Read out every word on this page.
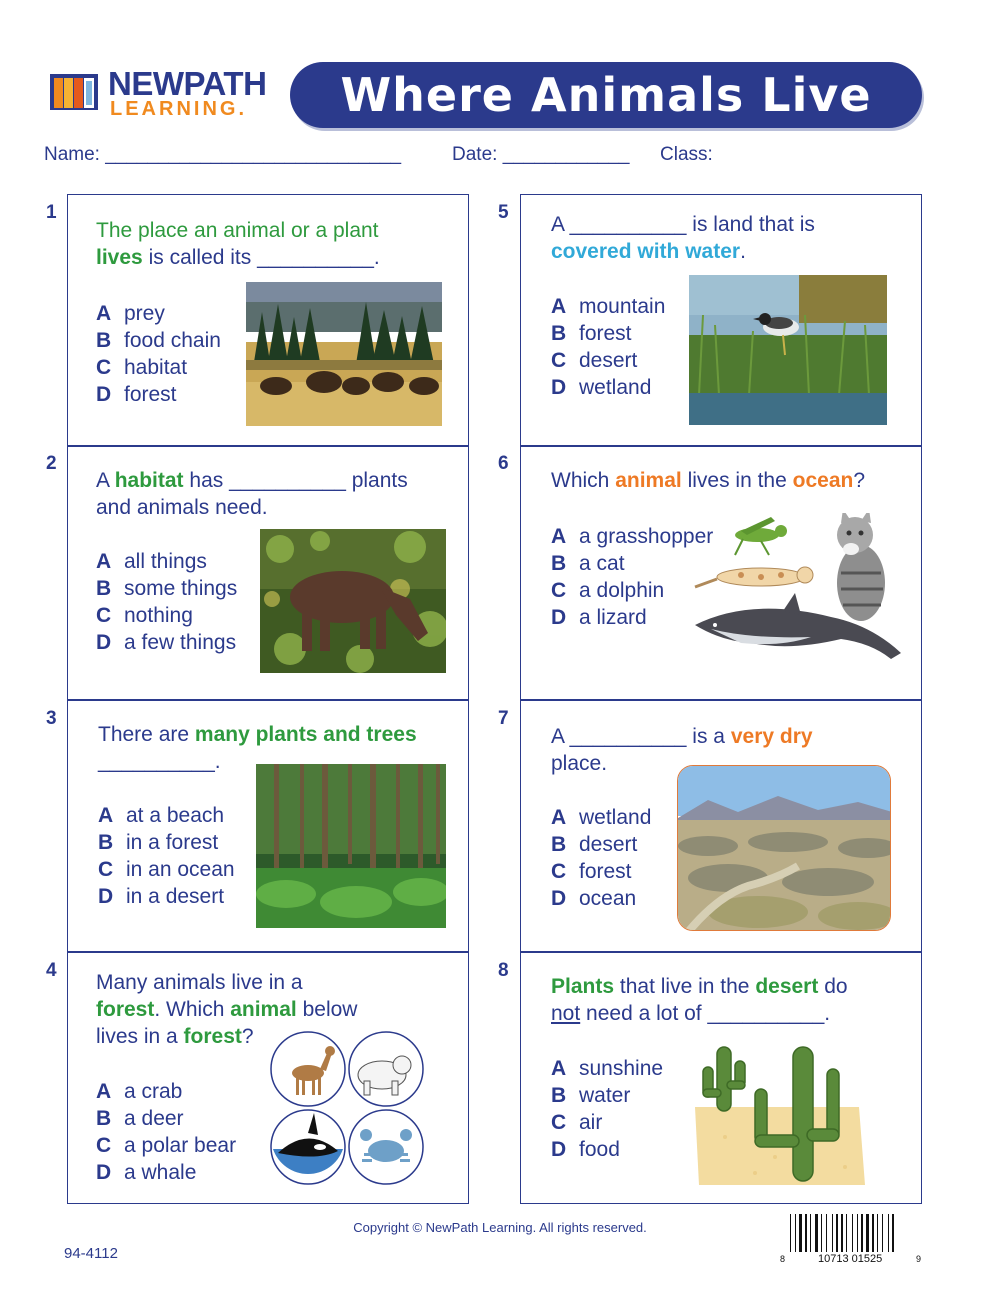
NEWPATH
LEARNING.	Where Animals Live
Name: ____________________________	Date: ____________ Class:
1
The place an animal or a plant
lives is called its __________.
A prey
B food chain
C habitat
D forest
2
A habitat has __________ plants
and animals need.
A all things
B some things
C nothing
D a few things
3
There are many plants and trees
__________.
A at a beach
B in a forest
C in an ocean
D in a desert
4
Many animals live in a
forest. Which animal below
lives in a forest?
A a crab
B a deer
C a polar bear
D a whale
5
A __________ is land that is
covered with water.
A mountain
B forest
C desert
D wetland
6
Which animal lives in the ocean?
A a grasshopper
B a cat
C a dolphin
D a lizard
7
A __________ is a very dry
place.
A wetland
B desert
C forest
D ocean
8
Plants that live in the desert do
not need a lot of __________.
A sunshine
B water
C air
D food
Copyright © NewPath Learning. All rights reserved.
94-4112	8	10713 01525	9
